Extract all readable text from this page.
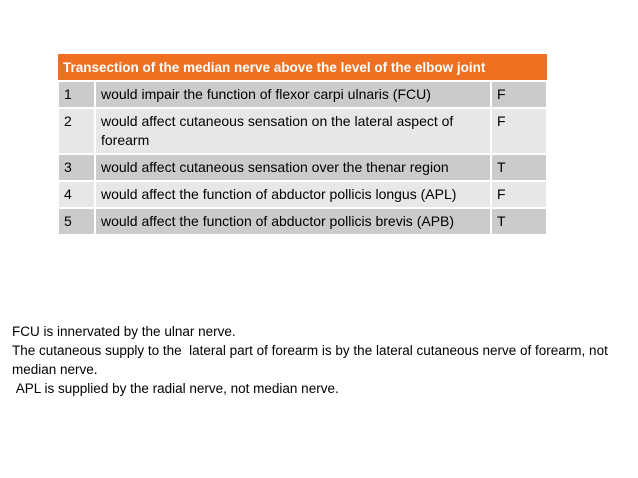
Transection of the median nerve above the level of the elbow joint		
1	would impair the function of flexor carpi ulnaris (FCU)	F
2	would affect cutaneous sensation on the lateral aspect of forearm	F
3	would affect cutaneous sensation over the thenar region	T
4	would affect the function of abductor pollicis longus (APL)	F
5	would affect the function of abductor pollicis brevis (APB)	T

FCU is innervated by the ulnar nerve.

The cutaneous supply to the  lateral part of forearm is by the lateral cutaneous nerve of forearm, not median nerve.

APL is supplied by the radial nerve, not median nerve.
